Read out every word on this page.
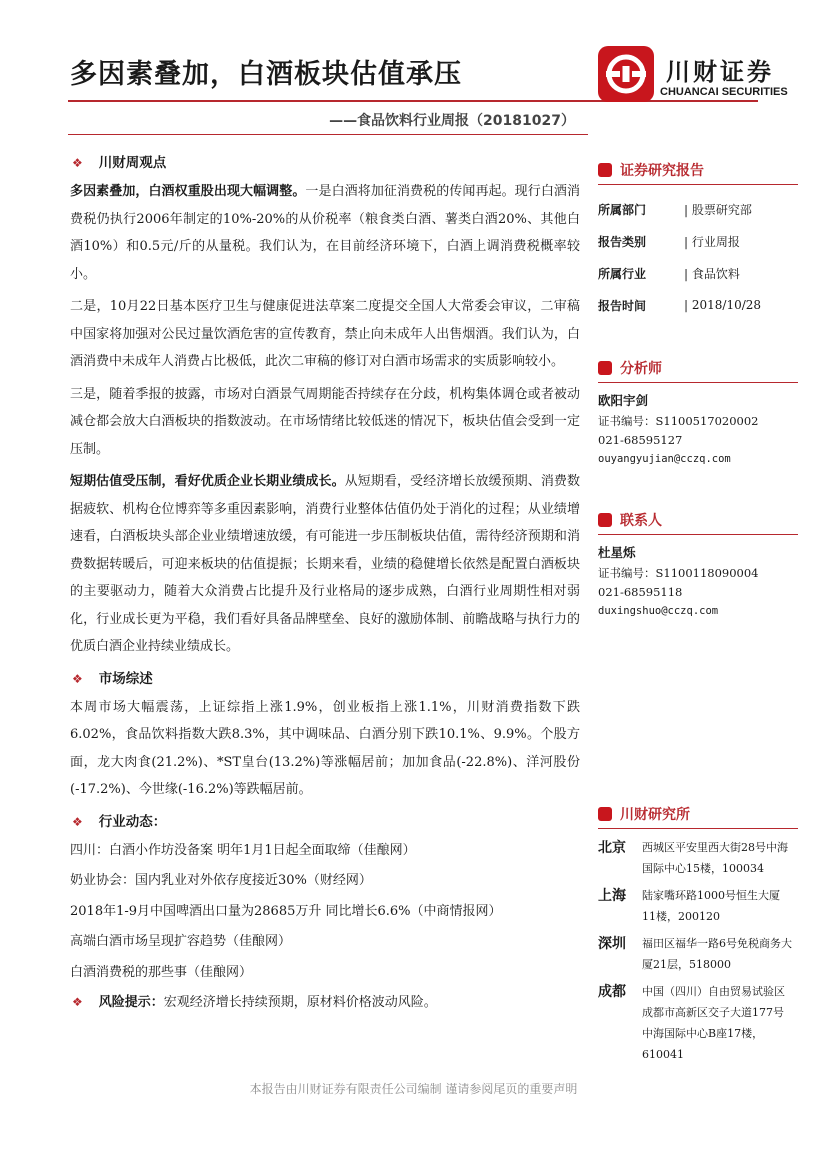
多因素叠加，白酒板块估值承压
——食品饮料行业周报（20181027）
川财证券
CHUANCAI SECURITIES
❖ 川财周观点
多因素叠加，白酒权重股出现大幅调整。一是白酒将加征消费税的传闻再起。现行白酒消费税仍执行2006年制定的10%-20%的从价税率（粮食类白酒、薯类白酒20%、其他白酒10%）和0.5元/斤的从量税。我们认为，在目前经济环境下，白酒上调消费税概率较小。
二是，10月22日基本医疗卫生与健康促进法草案二度提交全国人大常委会审议，二审稿中国家将加强对公民过量饮酒危害的宣传教育，禁止向未成年人出售烟酒。我们认为，白酒消费中未成年人消费占比极低，此次二审稿的修订对白酒市场需求的实质影响较小。
三是，随着季报的披露，市场对白酒景气周期能否持续存在分歧，机构集体调仓或者被动减仓都会放大白酒板块的指数波动。在市场情绪比较低迷的情况下，板块估值会受到一定压制。
短期估值受压制，看好优质企业长期业绩成长。从短期看，受经济增长放缓预期、消费数据疲软、机构仓位博弈等多重因素影响，消费行业整体估值仍处于消化的过程；从业绩增速看，白酒板块头部企业业绩增速放缓，有可能进一步压制板块估值，需待经济预期和消费数据转暖后，可迎来板块的估值提振；长期来看，业绩的稳健增长依然是配置白酒板块的主要驱动力，随着大众消费占比提升及行业格局的逐步成熟，白酒行业周期性相对弱化，行业成长更为平稳，我们看好具备品牌壁垒、良好的激励体制、前瞻战略与执行力的优质白酒企业持续业绩成长。
❖ 市场综述
本周市场大幅震荡，上证综指上涨1.9%，创业板指上涨1.1%，川财消费指数下跌6.02%，食品饮料指数大跌8.3%，其中调味品、白酒分别下跌10.1%、9.9%。个股方面，龙大肉食(21.2%)、*ST皇台(13.2%)等涨幅居前；加加食品(-22.8%)、洋河股份(-17.2%)、今世缘(-16.2%)等跌幅居前。
❖ 行业动态：
四川：白酒小作坊没备案 明年1月1日起全面取缔（佳酿网）
奶业协会：国内乳业对外依存度接近30%（财经网）
2018年1-9月中国啤酒出口量为28685万升 同比增长6.6%（中商情报网）
高端白酒市场呈现扩容趋势（佳酿网）
白酒消费税的那些事（佳酿网）
❖ 风险提示： 宏观经济增长持续预期，原材料价格波动风险。
证券研究报告
所属部门	| 股票研究部
报告类别	| 行业周报
所属行业	| 食品饮料
报告时间	| 2018/10/28
分析师
欧阳宇剑
证书编号：S1100517020002
021-68595127
ouyangyujian@cczq.com
联系人
杜星烁
证书编号：S1100118090004
021-68595118
duxingshuo@cczq.com
川财研究所
北京	西城区平安里西大街28号中海国际中心15楼，100034
上海	陆家嘴环路1000号恒生大厦11楼，200120
深圳	福田区福华一路6号免税商务大厦21层，518000
成都	中国（四川）自由贸易试验区成都市高新区交子大道177号中海国际中心B座17楼，610041
本报告由川财证券有限责任公司编制 谨请参阅尾页的重要声明
